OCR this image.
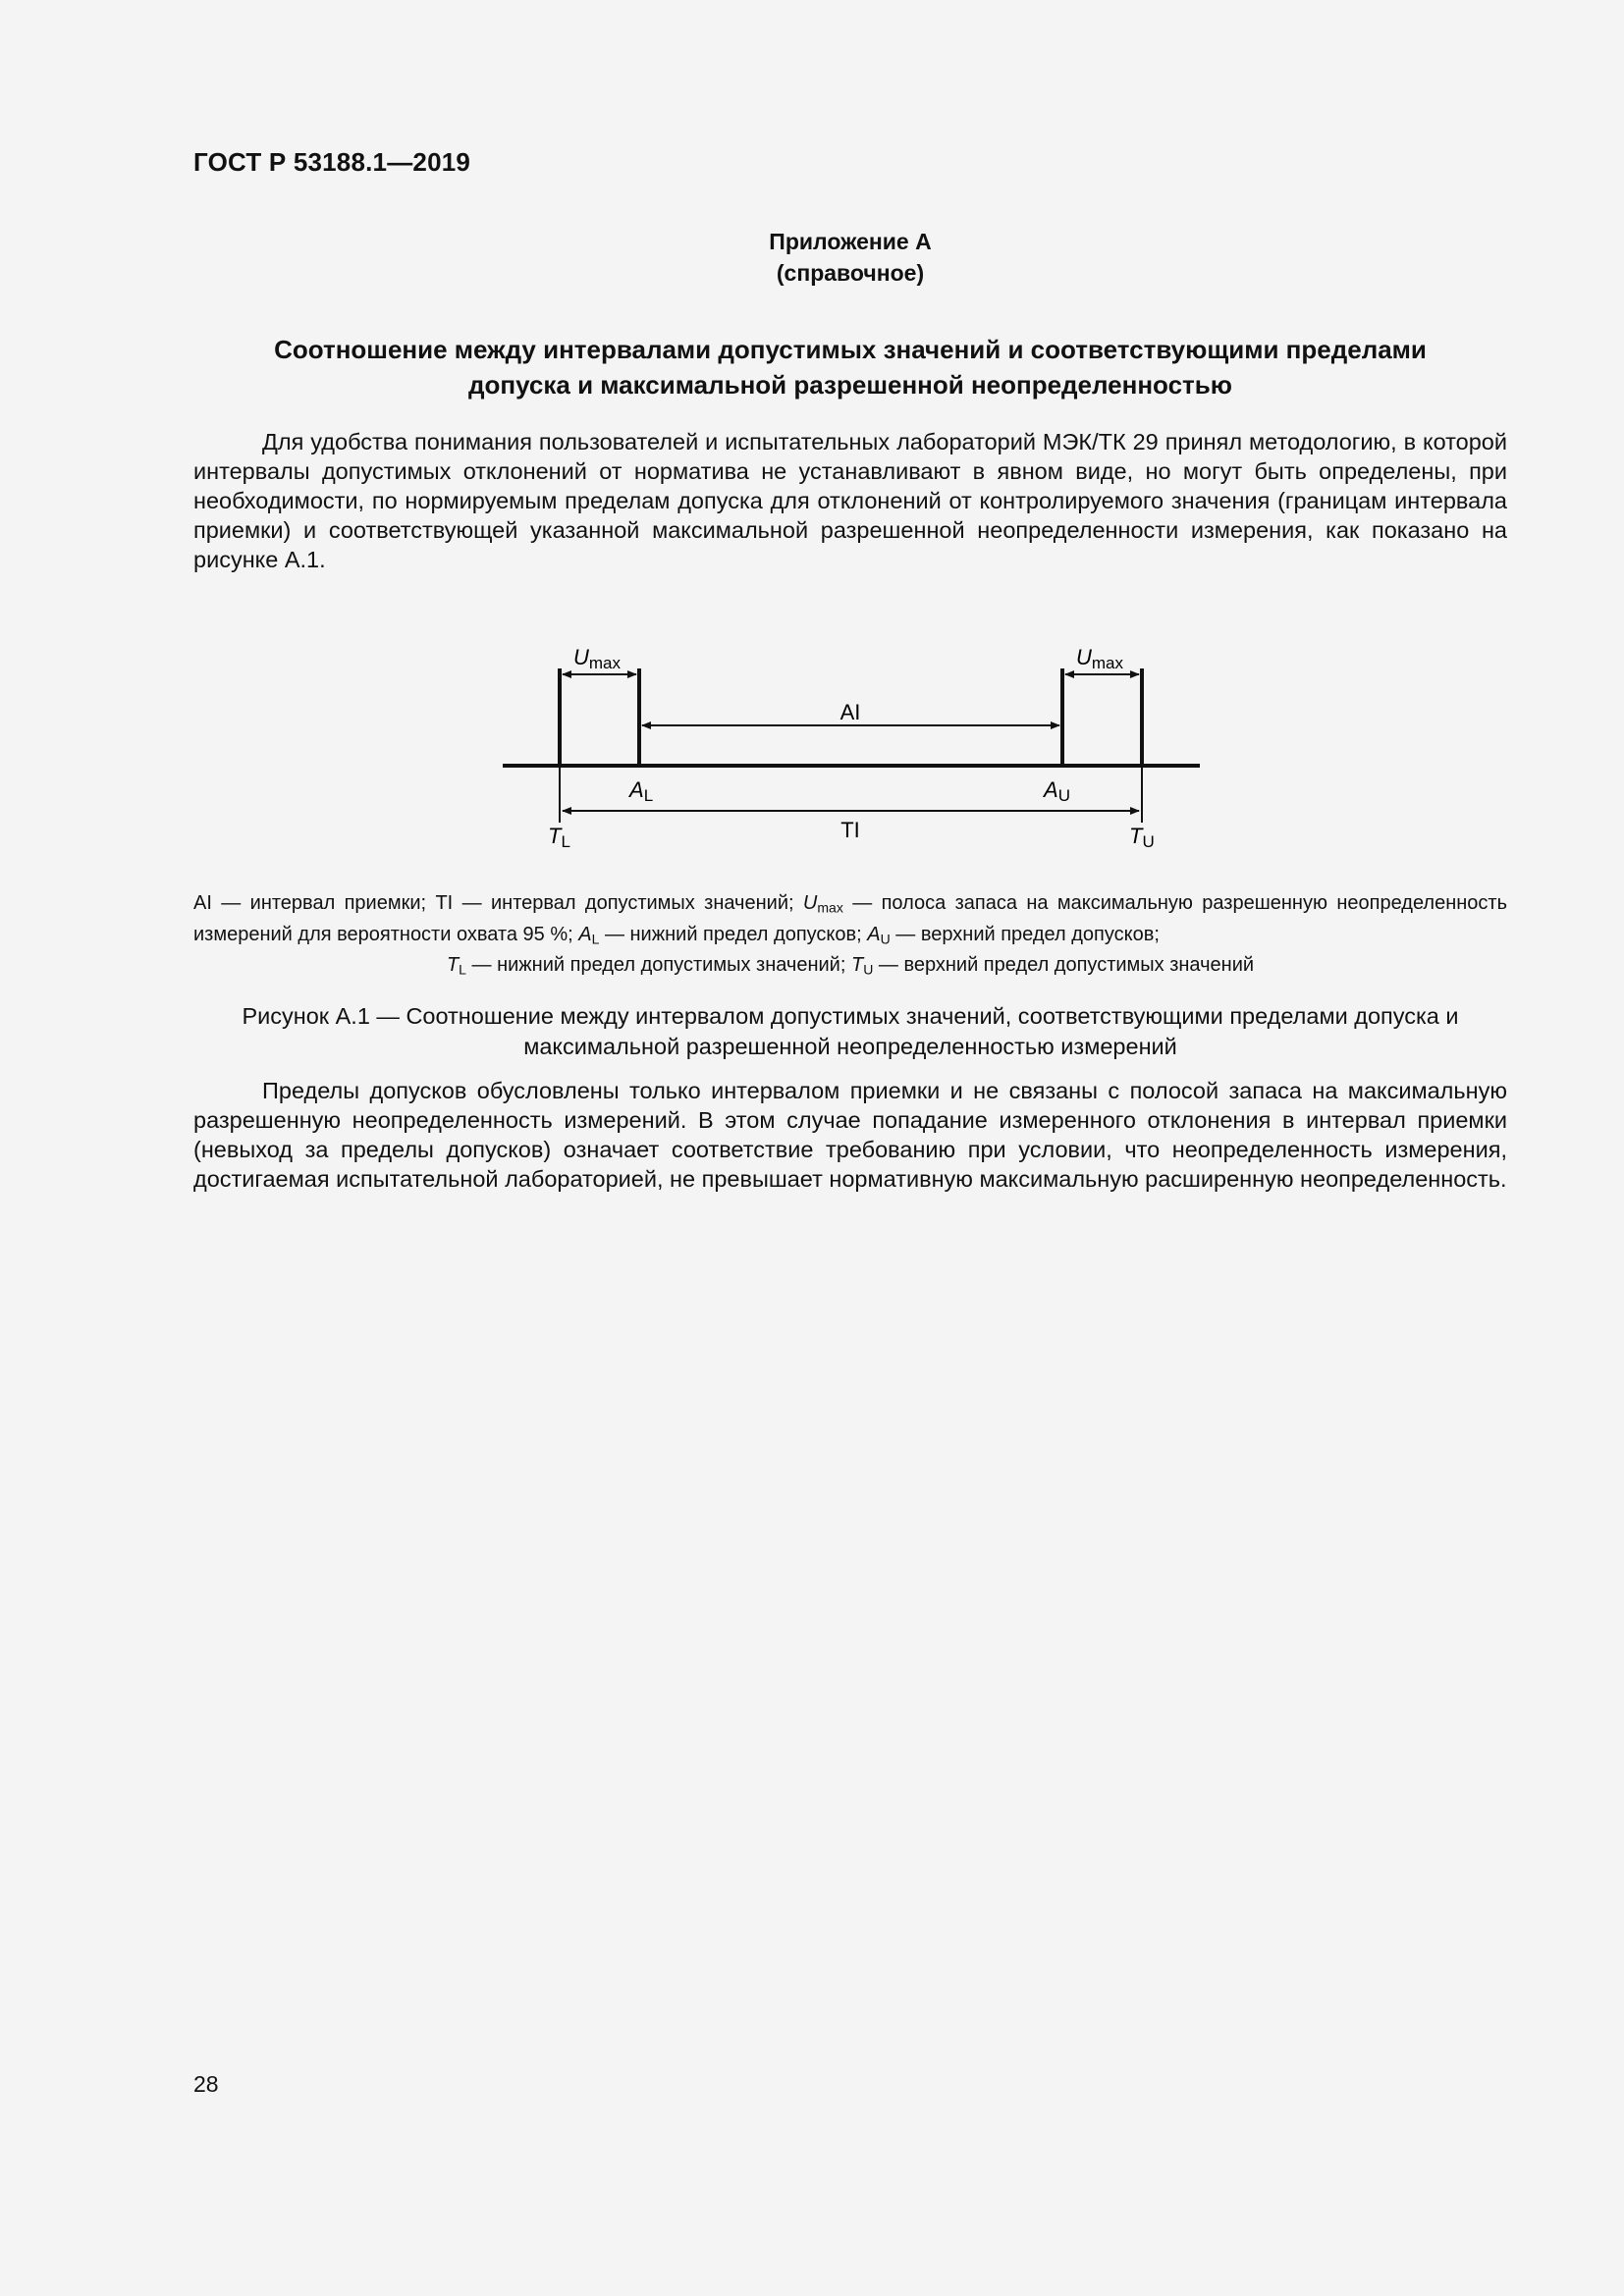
ГОСТ Р 53188.1—2019
Приложение А
(справочное)
Соотношение между интервалами допустимых значений и соответствующими пределами
допуска и максимальной разрешенной неопределенностью
Для удобства понимания пользователей и испытательных лабораторий МЭК/ТК 29 принял методологию, в которой интервалы допустимых отклонений от норматива не устанавливают в явном виде, но могут быть определены, при необходимости, по нормируемым пределам допуска для отклонений от контролируемого значения (границам интервала приемки) и соответствующей указанной максимальной разрешенной неопределенности измерения, как показано на рисунке А.1.
Umax	Umax
AI
TI
AL	AU
TL	TU
AI — интервал приемки; TI — интервал допустимых значений; $U_{max}$ — полоса запаса на максимальную разрешенную неопределенность измерений для вероятности охвата 95 %; $A_L$ — нижний предел допусков; $A_U$ — верхний предел допусков;
$T_L$ — нижний предел допустимых значений; $T_U$ — верхний предел допустимых значений
Рисунок А.1 — Соотношение между интервалом допустимых значений, соответствующими пределами допуска и
максимальной разрешенной неопределенностью измерений
Пределы допусков обусловлены только интервалом приемки и не связаны с полосой запаса на максимальную разрешенную неопределенность измерений. В этом случае попадание измеренного отклонения в интервал приемки (невыход за пределы допусков) означает соответствие требованию при условии, что неопределенность измерения, достигаемая испытательной лабораторией, не превышает нормативную максимальную расширенную неопределенность.
28
